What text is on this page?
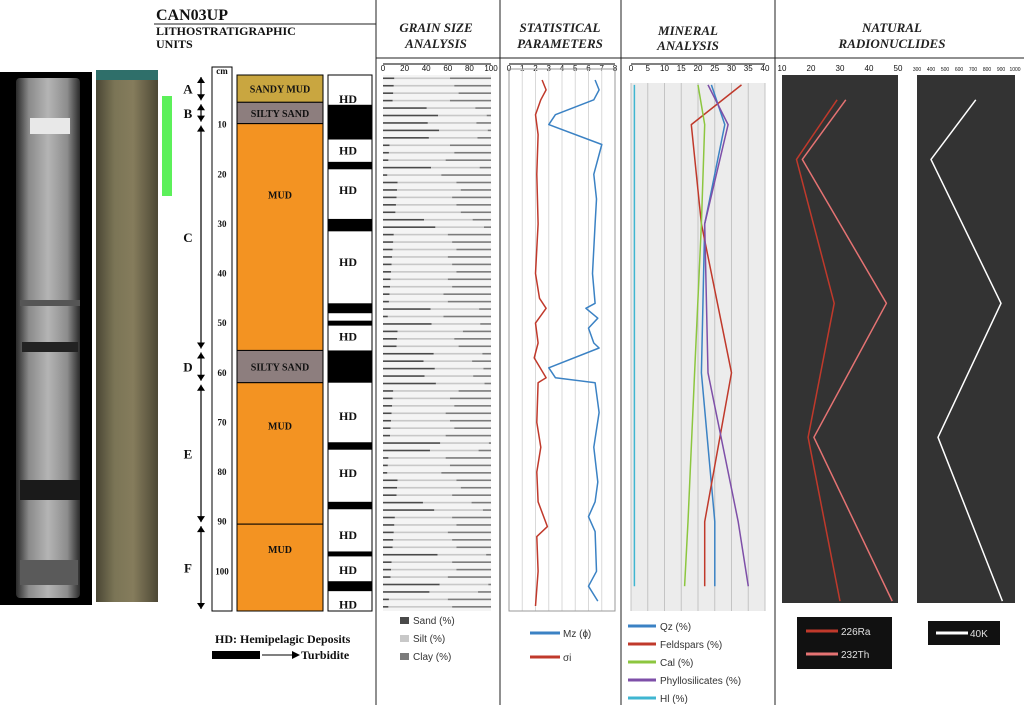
CAN03UP
LITHOSTRATIGRAPHIC
UNITS
A
B
C
D
E
F
cm
10
20
30
40
50
60
70
80
90
100
SANDY MUD
SILTY SAND
MUD
SILTY SAND
MUD
MUD
HD
HD
HD
HD
HD
HD
HD
HD
HD
HD
HD: Hemipelagic Deposits
Turbidite
GRAIN SIZE
ANALYSIS
STATISTICAL
PARAMETERS
MINERAL
ANALYSIS
NATURAL
RADIONUCLIDES
0 20 40 60 80 100 0 1 2 3 4 5 6 7 8 0 5 10 15 20 25 30 35 40 10	20	30	40	50 300 400 500 600 700 800 900 1000
Sand (%)
Silt (%)
Clay (%)
Mz (ɸ)
σi
Qz (%)
Feldspars (%)
Cal (%)
Phyllosilicates (%)
Hl (%)
226Ra
232Th
40K
